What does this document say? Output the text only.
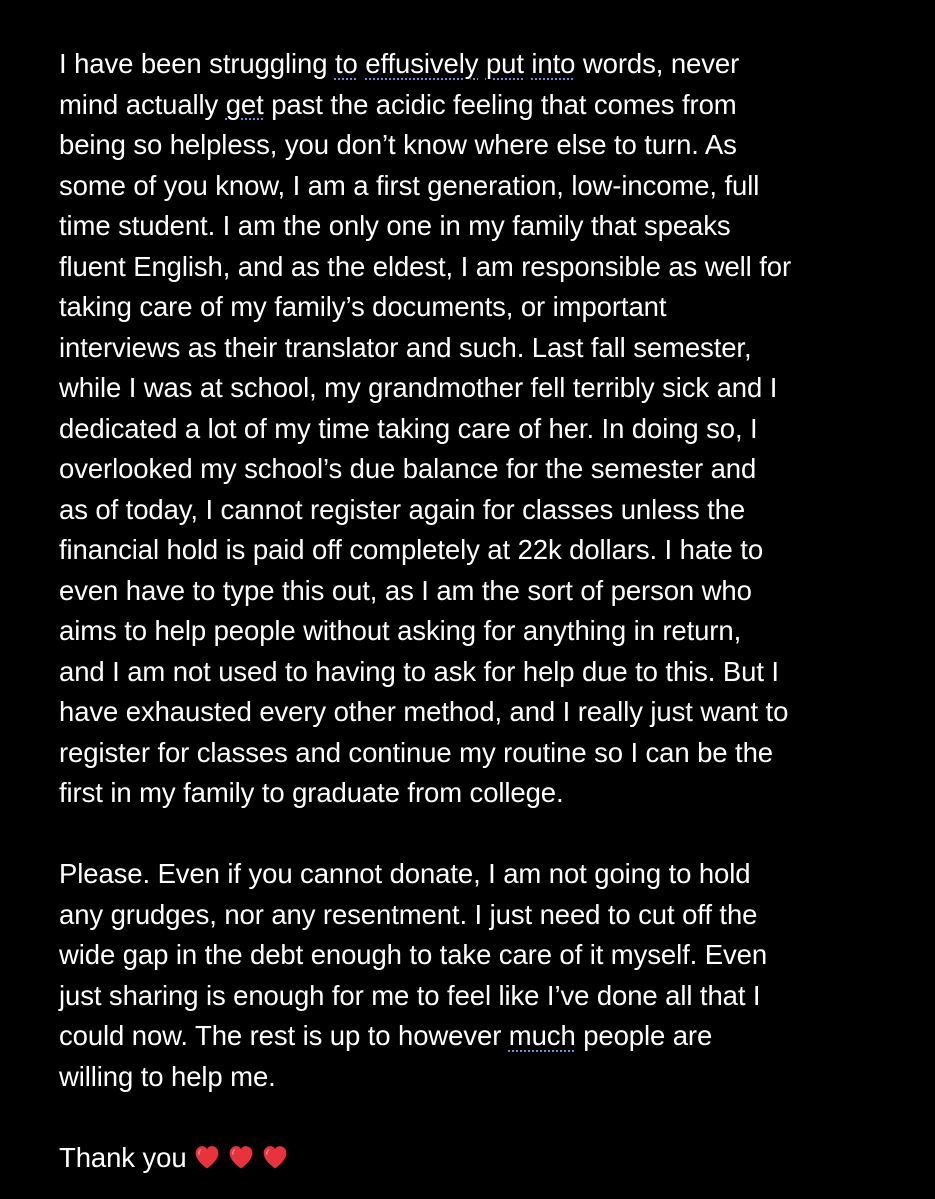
I have been struggling to effusively put into words, never
mind actually get past the acidic feeling that comes from
being so helpless, you don’t know where else to turn. As
some of you know, I am a first generation, low-income, full
time student. I am the only one in my family that speaks
fluent English, and as the eldest, I am responsible as well for
taking care of my family’s documents, or important
interviews as their translator and such. Last fall semester,
while I was at school, my grandmother fell terribly sick and I
dedicated a lot of my time taking care of her. In doing so, I
overlooked my school’s due balance for the semester and
as of today, I cannot register again for classes unless the
financial hold is paid off completely at 22k dollars. I hate to
even have to type this out, as I am the sort of person who
aims to help people without asking for anything in return,
and I am not used to having to ask for help due to this. But I
have exhausted every other method, and I really just want to
register for classes and continue my routine so I can be the
first in my family to graduate from college.
Please. Even if you cannot donate, I am not going to hold
any grudges, nor any resentment. I just need to cut off the
wide gap in the debt enough to take care of it myself. Even
just sharing is enough for me to feel like I’ve done all that I
could now. The rest is up to however much people are
willing to help me.
Thank you
